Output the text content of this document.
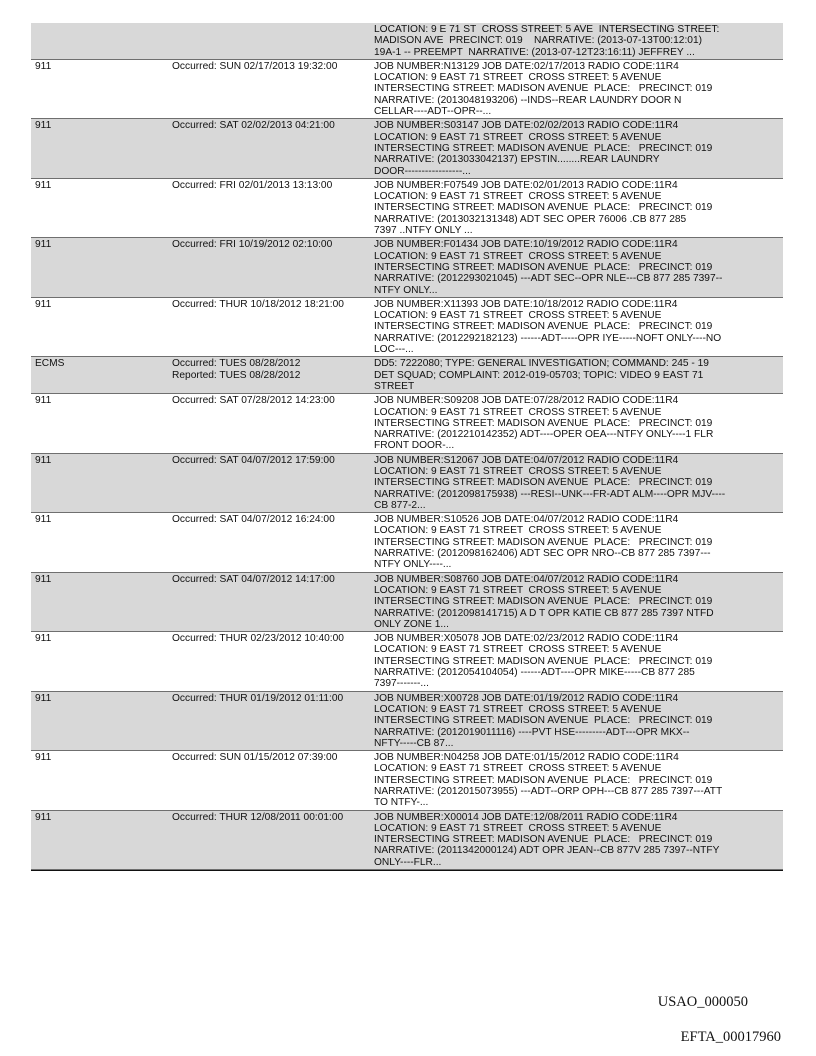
LOCATION: 9 E 71 ST  CROSS STREET: 5 AVE  INTERSECTING STREET:
MADISON AVE  PRECINCT: 019    NARRATIVE: (2013-07-13T00:12:01)
19A-1 -- PREEMPT  NARRATIVE: (2013-07-12T23:16:11) JEFFREY ...
911	Occurred: SUN 02/17/2013 19:32:00	JOB NUMBER:N13129 JOB DATE:02/17/2013 RADIO CODE:11R4
LOCATION: 9 EAST 71 STREET  CROSS STREET: 5 AVENUE
INTERSECTING STREET: MADISON AVENUE  PLACE:   PRECINCT: 019
NARRATIVE: (2013048193206) --INDS--REAR LAUNDRY DOOR N
CELLAR----ADT--OPR--...
911	Occurred: SAT 02/02/2013 04:21:00	JOB NUMBER:S03147 JOB DATE:02/02/2013 RADIO CODE:11R4
LOCATION: 9 EAST 71 STREET  CROSS STREET: 5 AVENUE
INTERSECTING STREET: MADISON AVENUE  PLACE:   PRECINCT: 019
NARRATIVE: (2013033042137) EPSTIN........REAR LAUNDRY
DOOR-----------------...
911	Occurred: FRI 02/01/2013 13:13:00	JOB NUMBER:F07549 JOB DATE:02/01/2013 RADIO CODE:11R4
LOCATION: 9 EAST 71 STREET  CROSS STREET: 5 AVENUE
INTERSECTING STREET: MADISON AVENUE  PLACE:   PRECINCT: 019
NARRATIVE: (2013032131348) ADT SEC OPER 76006 .CB 877 285
7397 ..NTFY ONLY ...
911	Occurred: FRI 10/19/2012 02:10:00	JOB NUMBER:F01434 JOB DATE:10/19/2012 RADIO CODE:11R4
LOCATION: 9 EAST 71 STREET  CROSS STREET: 5 AVENUE
INTERSECTING STREET: MADISON AVENUE  PLACE:   PRECINCT: 019
NARRATIVE: (2012293021045) ---ADT SEC--OPR NLE---CB 877 285 7397--
NTFY ONLY...
911	Occurred: THUR 10/18/2012 18:21:00	JOB NUMBER:X11393 JOB DATE:10/18/2012 RADIO CODE:11R4
LOCATION: 9 EAST 71 STREET  CROSS STREET: 5 AVENUE
INTERSECTING STREET: MADISON AVENUE  PLACE:   PRECINCT: 019
NARRATIVE: (2012292182123) ------ADT-----OPR IYE-----NOFT ONLY----NO
LOC---...
ECMS	Occurred: TUES 08/28/2012
Reported: TUES 08/28/2012
DD5: 7222080; TYPE: GENERAL INVESTIGATION; COMMAND: 245 - 19
DET SQUAD; COMPLAINT: 2012-019-05703; TOPIC: VIDEO 9 EAST 71
STREET
911	Occurred: SAT 07/28/2012 14:23:00	JOB NUMBER:S09208 JOB DATE:07/28/2012 RADIO CODE:11R4
LOCATION: 9 EAST 71 STREET  CROSS STREET: 5 AVENUE
INTERSECTING STREET: MADISON AVENUE  PLACE:   PRECINCT: 019
NARRATIVE: (2012210142352) ADT----OPER OEA---NTFY ONLY----1 FLR
FRONT DOOR-...
911	Occurred: SAT 04/07/2012 17:59:00	JOB NUMBER:S12067 JOB DATE:04/07/2012 RADIO CODE:11R4
LOCATION: 9 EAST 71 STREET  CROSS STREET: 5 AVENUE
INTERSECTING STREET: MADISON AVENUE  PLACE:   PRECINCT: 019
NARRATIVE: (2012098175938) ---RESI--UNK---FR-ADT ALM----OPR MJV----
CB 877-2...
911	Occurred: SAT 04/07/2012 16:24:00	JOB NUMBER:S10526 JOB DATE:04/07/2012 RADIO CODE:11R4
LOCATION: 9 EAST 71 STREET  CROSS STREET: 5 AVENUE
INTERSECTING STREET: MADISON AVENUE  PLACE:   PRECINCT: 019
NARRATIVE: (2012098162406) ADT SEC OPR NRO--CB 877 285 7397---
NTFY ONLY----...
911	Occurred: SAT 04/07/2012 14:17:00	JOB NUMBER:S08760 JOB DATE:04/07/2012 RADIO CODE:11R4
LOCATION: 9 EAST 71 STREET  CROSS STREET: 5 AVENUE
INTERSECTING STREET: MADISON AVENUE  PLACE:   PRECINCT: 019
NARRATIVE: (2012098141715) A D T OPR KATIE CB 877 285 7397 NTFD
ONLY ZONE 1...
911	Occurred: THUR 02/23/2012 10:40:00	JOB NUMBER:X05078 JOB DATE:02/23/2012 RADIO CODE:11R4
LOCATION: 9 EAST 71 STREET  CROSS STREET: 5 AVENUE
INTERSECTING STREET: MADISON AVENUE  PLACE:   PRECINCT: 019
NARRATIVE: (2012054104054) ------ADT----OPR MIKE-----CB 877 285
7397-------...
911	Occurred: THUR 01/19/2012 01:11:00	JOB NUMBER:X00728 JOB DATE:01/19/2012 RADIO CODE:11R4
LOCATION: 9 EAST 71 STREET  CROSS STREET: 5 AVENUE
INTERSECTING STREET: MADISON AVENUE  PLACE:   PRECINCT: 019
NARRATIVE: (2012019011116) ----PVT HSE---------ADT---OPR MKX--
NFTY-----CB 87...
911	Occurred: SUN 01/15/2012 07:39:00	JOB NUMBER:N04258 JOB DATE:01/15/2012 RADIO CODE:11R4
LOCATION: 9 EAST 71 STREET  CROSS STREET: 5 AVENUE
INTERSECTING STREET: MADISON AVENUE  PLACE:   PRECINCT: 019
NARRATIVE: (2012015073955) ---ADT--ORP OPH---CB 877 285 7397---ATT
TO NTFY-...
911	Occurred: THUR 12/08/2011 00:01:00	JOB NUMBER:X00014 JOB DATE:12/08/2011 RADIO CODE:11R4
LOCATION: 9 EAST 71 STREET  CROSS STREET: 5 AVENUE
INTERSECTING STREET: MADISON AVENUE  PLACE:   PRECINCT: 019
NARRATIVE: (2011342000124) ADT OPR JEAN--CB 877V 285 7397--NTFY
ONLY----FLR...
USAO_000050
EFTA_00017960
